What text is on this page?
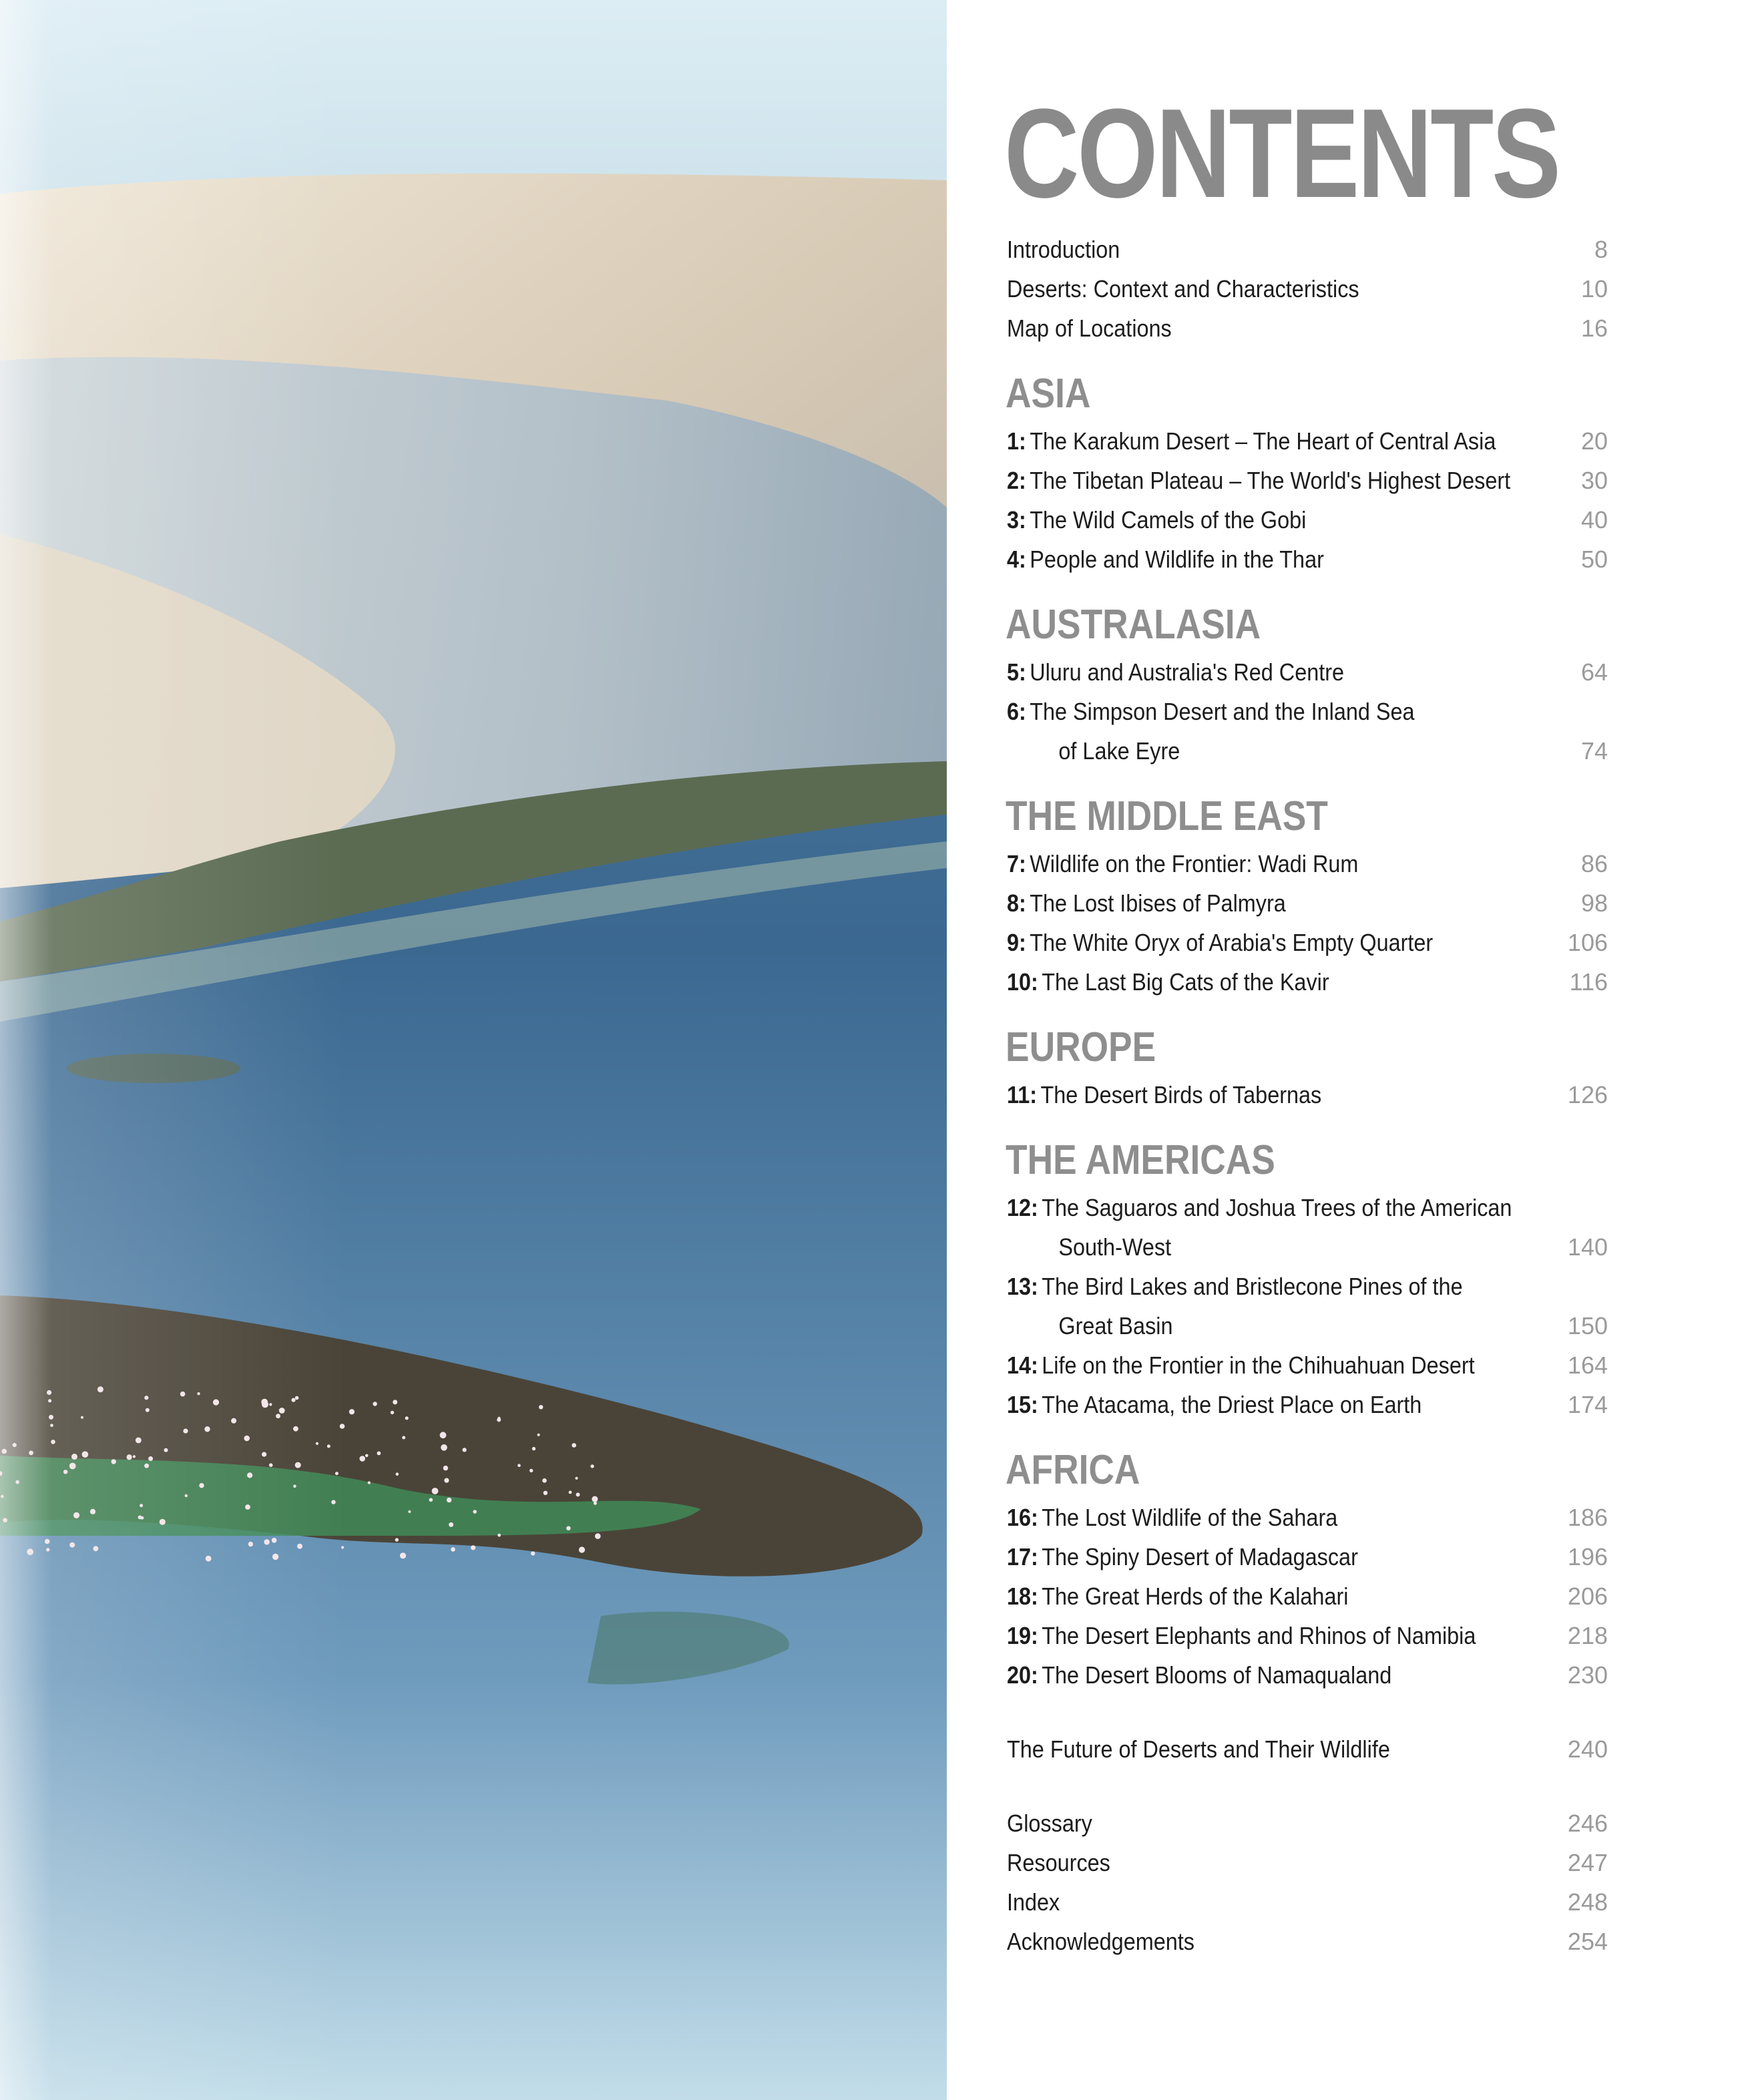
CONTENTS
Introduction	8
Deserts: Context and Characteristics	10
Map of Locations	16
ASIA
1: The Karakum Desert – The Heart of Central Asia	20
2: The Tibetan Plateau – The World's Highest Desert	30
3: The Wild Camels of the Gobi	40
4: People and Wildlife in the Thar	50
AUSTRALASIA
5: Uluru and Australia's Red Centre	64
6: The Simpson Desert and the Inland Sea
of Lake Eyre	74
THE MIDDLE EAST
7: Wildlife on the Frontier: Wadi Rum	86
8: The Lost Ibises of Palmyra	98
9: The White Oryx of Arabia's Empty Quarter	106
10: The Last Big Cats of the Kavir	116
EUROPE
11: The Desert Birds of Tabernas	126
THE AMERICAS
12: The Saguaros and Joshua Trees of the American
South-West	140
13: The Bird Lakes and Bristlecone Pines of the
Great Basin	150
14: Life on the Frontier in the Chihuahuan Desert	164
15: The Atacama, the Driest Place on Earth	174
AFRICA
16: The Lost Wildlife of the Sahara	186
17: The Spiny Desert of Madagascar	196
18: The Great Herds of the Kalahari	206
19: The Desert Elephants and Rhinos of Namibia	218
20: The Desert Blooms of Namaqualand	230
The Future of Deserts and Their Wildlife	240
Glossary	246
Resources	247
Index	248
Acknowledgements	254
